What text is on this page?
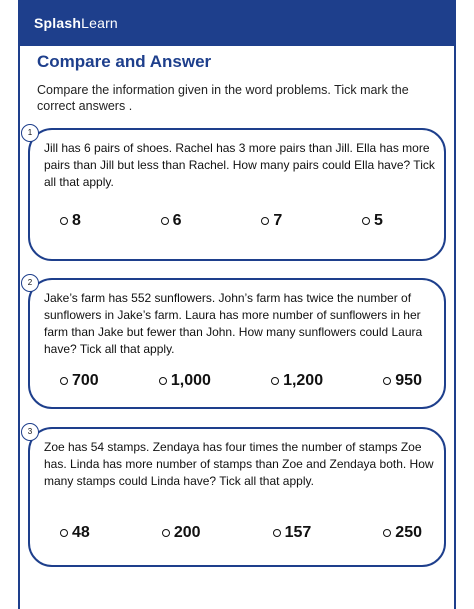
SplashLearn
Compare and Answer
Compare the information given in the word problems. Tick mark the correct answers .
1
Jill has 6 pairs of shoes. Rachel has 3 more pairs than Jill. Ella has more pairs than Jill but less than Rachel. How many pairs could Ella have? Tick all that apply.
8	6	7	5
2
Jake’s farm has 552 sunflowers. John’s farm has twice the number of sunflowers in Jake’s farm. Laura has more number of sunflowers in her farm than Jake but fewer than John. How many sunflowers could Laura have? Tick all that apply.
700	1,000	1,200	950
3
Zoe has 54 stamps. Zendaya has four times the number of stamps Zoe has. Linda has more number of stamps than Zoe and Zendaya both. How many stamps could Linda have? Tick all that apply.
48	200	157	250
